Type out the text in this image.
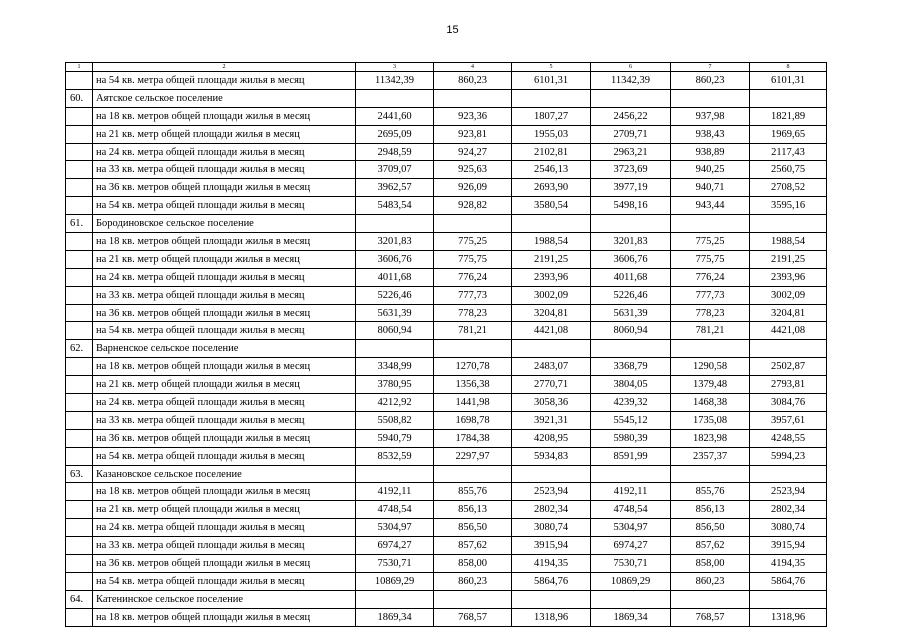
15
1	2	3	4	5	6	7	8
	на 54 кв. метра общей площади жилья в месяц	11342,39	860,23	6101,31	11342,39	860,23	6101,31
60.	Аятское сельское поселение						
	на 18 кв. метров общей площади жилья в месяц	2441,60	923,36	1807,27	2456,22	937,98	1821,89
	на 21 кв. метр общей площади жилья в месяц	2695,09	923,81	1955,03	2709,71	938,43	1969,65
	на 24 кв. метра общей площади жилья в месяц	2948,59	924,27	2102,81	2963,21	938,89	2117,43
	на 33 кв. метра общей площади жилья в месяц	3709,07	925,63	2546,13	3723,69	940,25	2560,75
	на 36 кв. метров общей площади жилья в месяц	3962,57	926,09	2693,90	3977,19	940,71	2708,52
	на 54 кв. метра общей площади жилья в месяц	5483,54	928,82	3580,54	5498,16	943,44	3595,16
61.	Бородиновское сельское поселение						
	на 18 кв. метров общей площади жилья в месяц	3201,83	775,25	1988,54	3201,83	775,25	1988,54
	на 21 кв. метр общей площади жилья в месяц	3606,76	775,75	2191,25	3606,76	775,75	2191,25
	на 24 кв. метра общей площади жилья в месяц	4011,68	776,24	2393,96	4011,68	776,24	2393,96
	на 33 кв. метра общей площади жилья в месяц	5226,46	777,73	3002,09	5226,46	777,73	3002,09
	на 36 кв. метров общей площади жилья в месяц	5631,39	778,23	3204,81	5631,39	778,23	3204,81
	на 54 кв. метра общей площади жилья в месяц	8060,94	781,21	4421,08	8060,94	781,21	4421,08
62.	Варненское сельское поселение						
	на 18 кв. метров общей площади жилья в месяц	3348,99	1270,78	2483,07	3368,79	1290,58	2502,87
	на 21 кв. метр общей площади жилья в месяц	3780,95	1356,38	2770,71	3804,05	1379,48	2793,81
	на 24 кв. метра общей площади жилья в месяц	4212,92	1441,98	3058,36	4239,32	1468,38	3084,76
	на 33 кв. метра общей площади жилья в месяц	5508,82	1698,78	3921,31	5545,12	1735,08	3957,61
	на 36 кв. метров общей площади жилья в месяц	5940,79	1784,38	4208,95	5980,39	1823,98	4248,55
	на 54 кв. метра общей площади жилья в месяц	8532,59	2297,97	5934,83	8591,99	2357,37	5994,23
63.	Казановское сельское поселение						
	на 18 кв. метров общей площади жилья в месяц	4192,11	855,76	2523,94	4192,11	855,76	2523,94
	на 21 кв. метр общей площади жилья в месяц	4748,54	856,13	2802,34	4748,54	856,13	2802,34
	на 24 кв. метра общей площади жилья в месяц	5304,97	856,50	3080,74	5304,97	856,50	3080,74
	на 33 кв. метра общей площади жилья в месяц	6974,27	857,62	3915,94	6974,27	857,62	3915,94
	на 36 кв. метров общей площади жилья в месяц	7530,71	858,00	4194,35	7530,71	858,00	4194,35
	на 54 кв. метра общей площади жилья в месяц	10869,29	860,23	5864,76	10869,29	860,23	5864,76
64.	Катенинское сельское поселение						
	на 18 кв. метров общей площади жилья в месяц	1869,34	768,57	1318,96	1869,34	768,57	1318,96
